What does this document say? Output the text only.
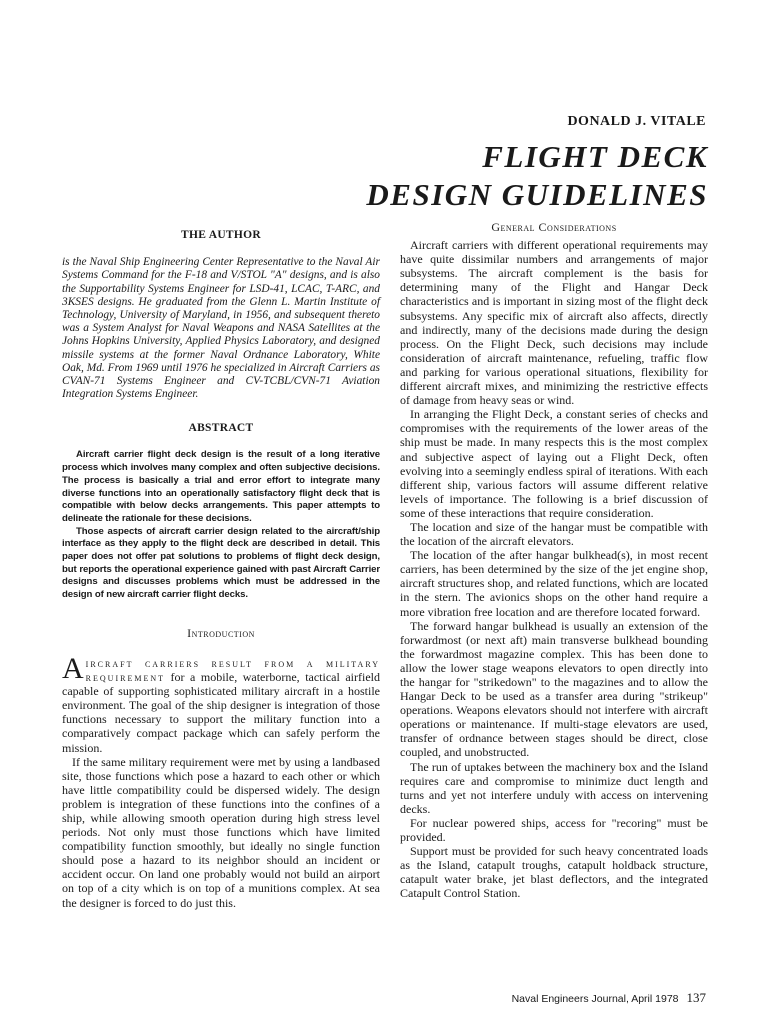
DONALD J. VITALE
FLIGHT DECK
DESIGN GUIDELINES
THE AUTHOR

is the Naval Ship Engineering Center Representative to the Naval Air Systems Command for the F-18 and V/STOL "A" designs, and is also the Supportability Systems Engineer for LSD-41, LCAC, T-ARC, and 3KSES designs. He graduated from the Glenn L. Martin Institute of Technology, University of Maryland, in 1956, and subsequent thereto was a System Analyst for Naval Weapons and NASA Satellites at the Johns Hopkins University, Applied Physics Laboratory, and designed missile systems at the former Naval Ordnance Laboratory, White Oak, Md. From 1969 until 1976 he specialized in Aircraft Carriers as CVAN-71 Systems Engineer and CV-TCBL/CVN-71 Aviation Integration Systems Engineer.

ABSTRACT

Aircraft carrier flight deck design is the result of a long iterative process which involves many complex and often subjective decisions. The process is basically a trial and error effort to integrate many diverse functions into an operationally satisfactory flight deck that is compatible with below decks arrangements. This paper attempts to delineate the rationale for these decisions.

Those aspects of aircraft carrier design related to the aircraft/ship interface as they apply to the flight deck are described in detail. This paper does not offer pat solutions to problems of flight deck design, but reports the operational experience gained with past Aircraft Carrier designs and discusses problems which must be addressed in the design of new aircraft carrier flight decks.

Introduction

Aircraft carriers result from a military requirement for a mobile, waterborne, tactical airfield capable of supporting sophisticated military aircraft in a hostile environment. The goal of the ship designer is integration of those functions necessary to support the military function into a comparatively compact package which can safely perform the mission.

If the same military requirement were met by using a landbased site, those functions which pose a hazard to each other or which have little compatibility could be dispersed widely. The design problem is integration of these functions into the confines of a ship, while allowing smooth operation during high stress level periods. Not only must those functions which have limited compatibility function smoothly, but ideally no single function should pose a hazard to its neighbor should an incident or accident occur. On land one probably would not build an airport on top of a city which is on top of a munitions complex. At sea the designer is forced to do just this.

General Considerations

Aircraft carriers with different operational requirements may have quite dissimilar numbers and arrangements of major subsystems. The aircraft complement is the basis for determining many of the Flight and Hangar Deck characteristics and is important in sizing most of the flight deck subsystems. Any specific mix of aircraft also affects, directly and indirectly, many of the decisions made during the design process. On the Flight Deck, such decisions may include consideration of aircraft maintenance, refueling, traffic flow and parking for various operational situations, flexibility for different aircraft mixes, and minimizing the restrictive effects of damage from heavy seas or wind.

In arranging the Flight Deck, a constant series of checks and compromises with the requirements of the lower areas of the ship must be made. In many respects this is the most complex and subjective aspect of laying out a Flight Deck, often evolving into a seemingly endless spiral of iterations. With each different ship, various factors will assume different relative levels of importance. The following is a brief discussion of some of these interactions that require consideration.

The location and size of the hangar must be compatible with the location of the aircraft elevators.

The location of the after hangar bulkhead(s), in most recent carriers, has been determined by the size of the jet engine shop, aircraft structures shop, and related functions, which are located in the stern. The avionics shops on the other hand require a more vibration free location and are therefore located forward.

The forward hangar bulkhead is usually an extension of the forwardmost (or next aft) main transverse bulkhead bounding the forwardmost magazine complex. This has been done to allow the lower stage weapons elevators to open directly into the hangar for "strikedown" to the magazines and to allow the Hangar Deck to be used as a transfer area during "strikeup" operations. Weapons elevators should not interfere with aircraft operations or maintenance. If multi-stage elevators are used, transfer of ordnance between stages should be direct, close coupled, and unobstructed.

The run of uptakes between the machinery box and the Island requires care and compromise to minimize duct length and turns and yet not interfere unduly with access on intervening decks.

For nuclear powered ships, access for "recoring" must be provided.

Support must be provided for such heavy concentrated loads as the Island, catapult troughs, catapult holdback structure, catapult water brake, jet blast deflectors, and the integrated Catapult Control Station.

Naval Engineers Journal, April 1978 137
